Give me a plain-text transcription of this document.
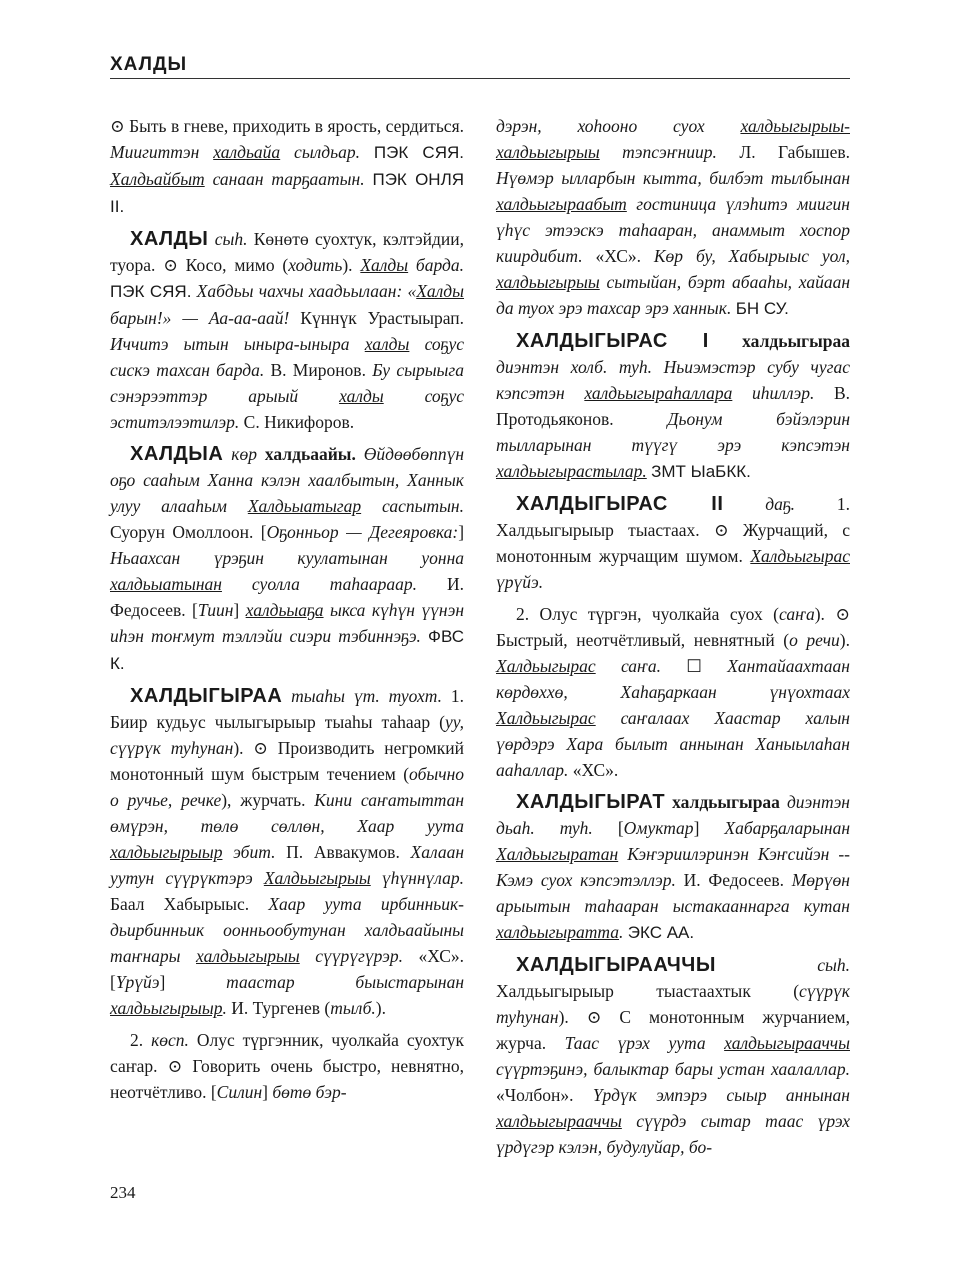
ХАЛДЫ

⊙ Быть в гневе, приходить в ярость, сердиться. Миигиттэн халдьайа сылдьар. ПЭК СЯЯ. Халдьайбыт санаан тарҕаатын. ПЭК ОНЛЯ II.

ХАЛДЫ сыһ. Көнөтө суохтук, кэлтэйдии, туора. ⊙ Косо, мимо (ходить). Халды барда. ПЭК СЯЯ. Хабдьы чахчы хаадьылаан: «Халды барын!» — Аа-аа-аай! Күннүк Урастыырап. Иччитэ ытын ыныра-ыныра халды соҕус сискэ тахсан барда. В. Миронов. Бу сырыыга сэнэрээттэр арыый халды соҕус эститэлээтилэр. С. Никифоров.

ХАЛДЫА көр халдьаайы. Өйдөөбөппүн оҕо сааһым Ханна кэлэн хаалбытын, Ханнык улуу алааһым Халдьыатыгар саспытын. Суорун Омоллоон. [Оҕонньор — Дегеяровка:] Ньаахсан үрэҕин куулатынан уонна халдьыатынан суолла таһаараар. И. Федосеев. [Тиин] халдьыаҕа ыкса күһүн үүнэн иһэн тоҥмут тэллэйи сиэри тэбиннэҕэ. ФВС К.

ХАЛДЫГЫРАА тыаһы үт. туохт. 1. Биир кудьус чылыгырыыр тыаһы таһаар (уу, сүүрүк туһунан). ⊙ Производить негромкий монотонный шум быстрым течением (обычно о ручье, речке), журчать. Кини саҥатыттан өмүрэн, төлө сөллөн, Хаар уута халдьыгырыыр эбит. П. Аввакумов. Халаан уутун сүүрүктэрэ Халдьыгырыы үһүннүлар. Баал Хабырыыс. Хаар уута ирбинньик-дьирбинньик оонньообутунан халдьаайыны таҥнары халдьыгырыы сүүрүгүрэр. «ХС». [Үрүйэ] таастар быыстарынан халдьыгырыыр. И. Тургенев (тылб.).

2. көсп. Олус түргэнник, чуолкайа суохтук саҥар. ⊙ Говорить очень быстро, невнятно, неотчётливо. [Силин] бөтө бэр-

дэрэн, хоһооно суох халдьыгырыы-халдьыгырыы тэпсэҥниир. Л. Габышев. Нүөмэр ылларбын кытта, билбэт тылбынан халдьыгыраабыт гостиница үлэһитэ миигин үһүс этээскэ таһааран, анаммыт хоспор киирдибит. «ХС». Көр бу, Хабырыыс уол, халдьыгырыы сытыйан, бэрт абааһы, хайаан да туох эрэ тахсар эрэ ханнык. БН СУ.

ХАЛДЫГЫРАС I халдьыгыраа диэнтэн холб. туһ. Ньиэмэстэр субу чугас кэпсэтэн халдьыгыраһаллара иһиллэр. В. Протодьяконов. Дьонум бэйэлэрин тылларынан түүгү эрэ кэпсэтэн халдьыгырастылар. ЗМТ ЫаБКК.

ХАЛДЫГЫРАС II даҕ. 1. Халдьыгырыыр тыастаах. ⊙ Журчащий, с монотонным журчащим шумом. Халдьыгырас үрүйэ.

2. Олус түргэн, чуолкайа суох (саҥа). ⊙ Быстрый, неотчётливый, невнятный (о речи). Халдьыгырас саҥа. ☐ Хантайаахтаан көрдөххө, Хаһаҕаркаан үнүохтаах Халдьыгырас саҥалаах Хаастар халын үөрдэрэ Хара былыт аннынан Ханыылаһан ааһаллар. «ХС».

ХАЛДЫГЫРАТ халдьыгыраа диэнтэн дьаһ. туһ. [Омуктар] Хабарҕаларынан Халдьыгыратан Кэҥэриилэринэн Кэҥсийэн -- Кэмэ суох кэпсэтэллэр. И. Федосеев. Мөрүөн арыытын таһааран ыстакааннарга кутан халдьыгыратта. ЭКС АА.

ХАЛДЫГЫРААЧЧЫ	сыһ. Халдьыгырыыр тыастаахтык (сүүрүк туһунан). ⊙ С монотонным журчанием, журча. Таас үрэх уута халдьыгырааччы сүүртэҕинэ, балыктар бары устан хаалаллар. «Чолбон». Үрдүк эмпэрэ сыыр аннынан халдьыгырааччы сүүрдэ сытар таас үрэх үрдүгэр кэлэн, будулуйар, бо-

234
